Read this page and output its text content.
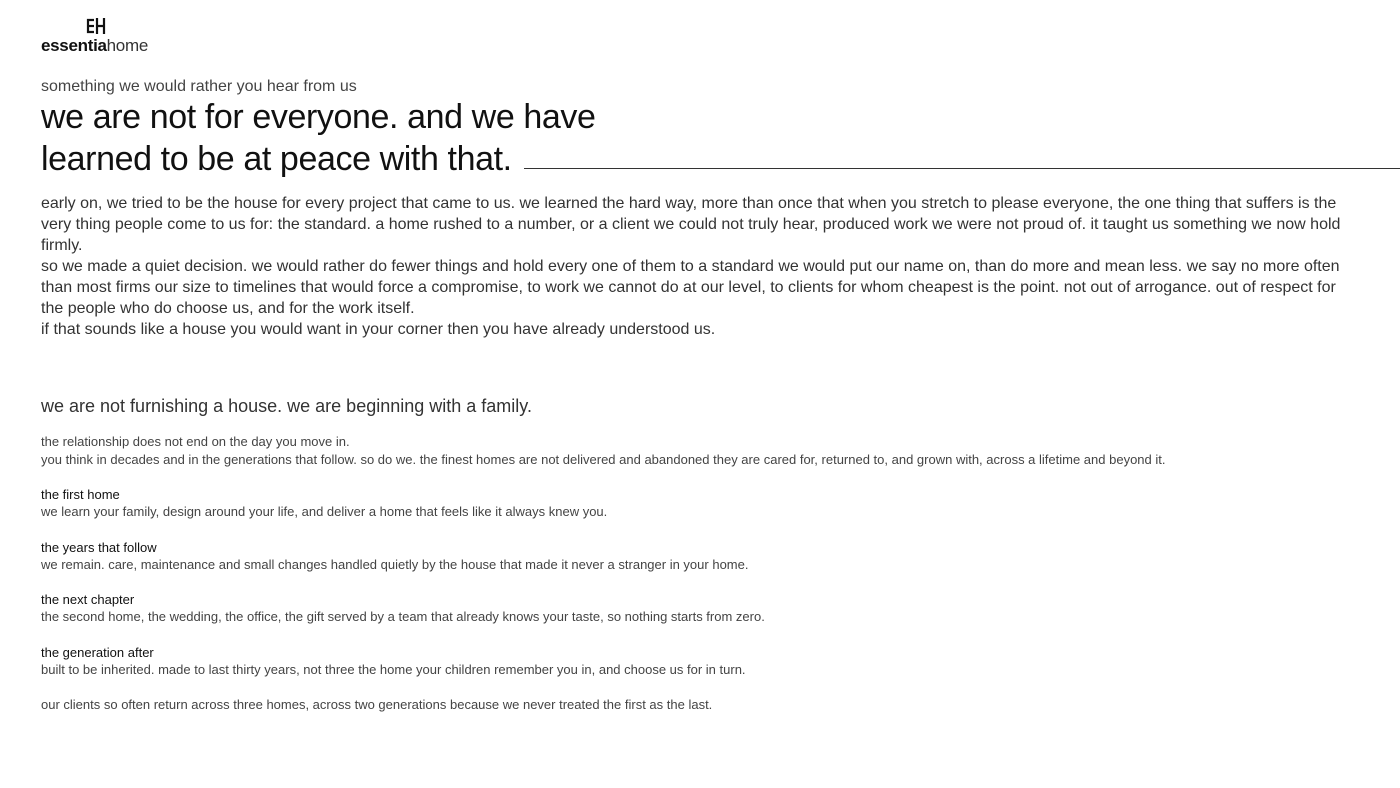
essentiahome
something we would rather you hear from us
we are not for everyone. and we have
learned to be at peace with that.

early on, we tried to be the house for every project that came to us. we learned the hard way, more than once that when you stretch to please everyone, the one thing that suffers is the very thing people come to us for: the standard. a home rushed to a number, or a client we could not truly hear, produced work we were not proud of. it taught us something we now hold firmly.

so we made a quiet decision. we would rather do fewer things and hold every one of them to a standard we would put our name on, than do more and mean less. we say no more often than most firms our size to timelines that would force a compromise, to work we cannot do at our level, to clients for whom cheapest is the point. not out of arrogance. out of respect for the people who do choose us, and for the work itself.

if that sounds like a house you would want in your corner then you have already understood us.

we are not furnishing a house. we are beginning with a family.

the relationship does not end on the day you move in.

you think in decades and in the generations that follow. so do we. the finest homes are not delivered and abandoned they are cared for, returned to, and grown with, across a lifetime and beyond it.

the first home

we learn your family, design around your life, and deliver a home that feels like it always knew you.

the years that follow

we remain. care, maintenance and small changes handled quietly by the house that made it never a stranger in your home.

the next chapter

the second home, the wedding, the office, the gift served by a team that already knows your taste, so nothing starts from zero.

the generation after

built to be inherited. made to last thirty years, not three the home your children remember you in, and choose us for in turn.

our clients so often return across three homes, across two generations because we never treated the first as the last.
